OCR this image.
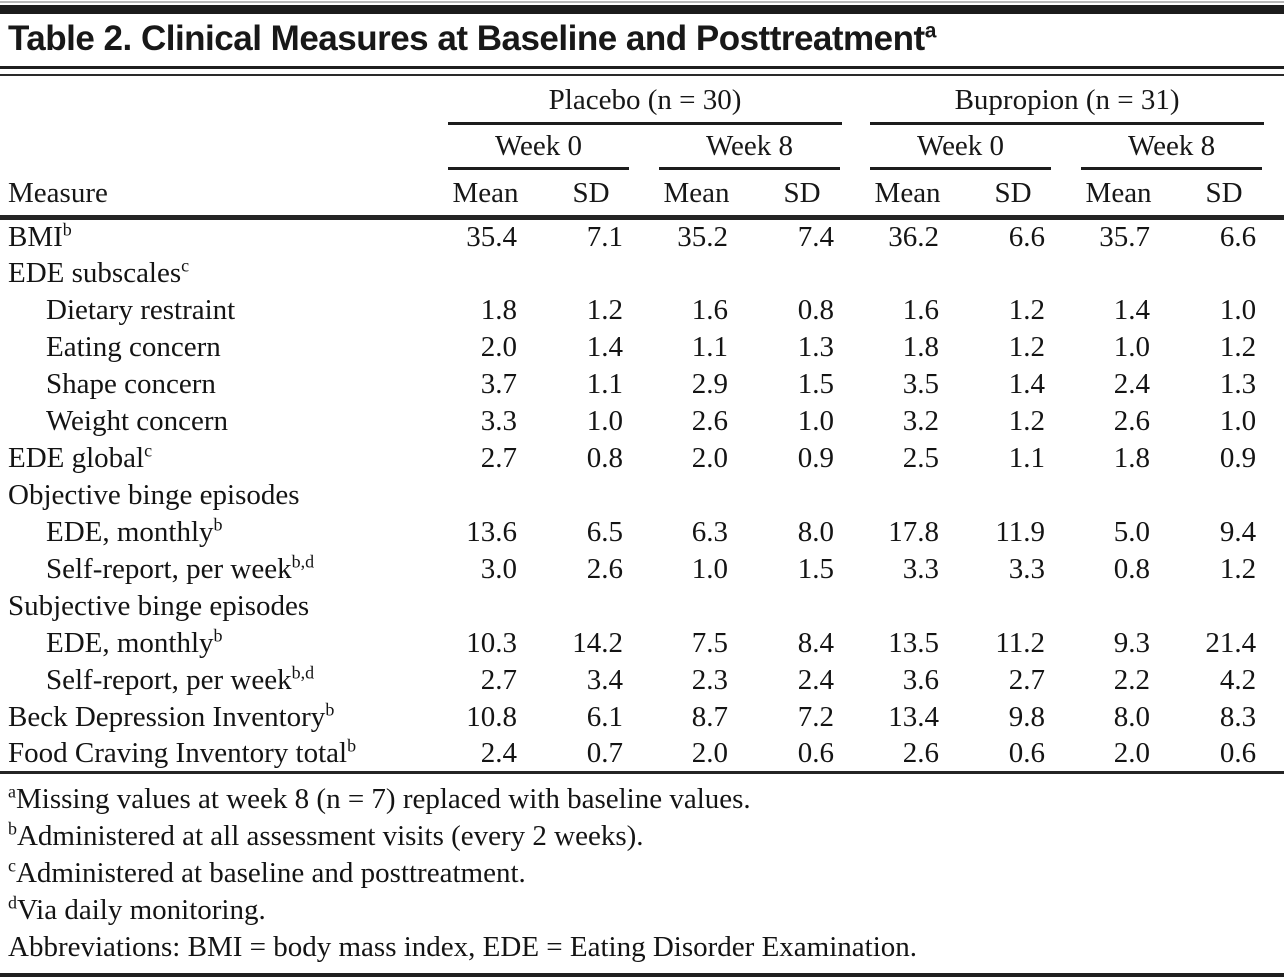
Table 2. Clinical Measures at Baseline and Posttreatment$^a$

	Placebo (n = 30)				Bupropion (n = 31)			

	Week 0		Week 8		Week 0		Week 8	

Measure	Mean	SD	Mean	SD	Mean	SD	Mean	SD
BMI$^b$	35.4	7.1	35.2	7.4	36.2	6.6	35.7	6.6
EDE subscales$^c$								
Dietary restraint	1.8	1.2	1.6	0.8	1.6	1.2	1.4	1.0
Eating concern	2.0	1.4	1.1	1.3	1.8	1.2	1.0	1.2
Shape concern	3.7	1.1	2.9	1.5	3.5	1.4	2.4	1.3
Weight concern	3.3	1.0	2.6	1.0	3.2	1.2	2.6	1.0
EDE global$^c$	2.7	0.8	2.0	0.9	2.5	1.1	1.8	0.9
Objective binge episodes								
EDE, monthly$^b$	13.6	6.5	6.3	8.0	17.8	11.9	5.0	9.4
Self-report, per week$^{b,d}$	3.0	2.6	1.0	1.5	3.3	3.3	0.8	1.2
Subjective binge episodes								
EDE, monthly$^b$	10.3	14.2	7.5	8.4	13.5	11.2	9.3	21.4
Self-report, per week$^{b,d}$	2.7	3.4	2.3	2.4	3.6	2.7	2.2	4.2
Beck Depression Inventory$^b$	10.8	6.1	8.7	7.2	13.4	9.8	8.0	8.3
Food Craving Inventory total$^b$	2.4	0.7	2.0	0.6	2.6	0.6	2.0	0.6
$^a$Missing values at week 8 (n = 7) replaced with baseline values.
$^b$Administered at all assessment visits (every 2 weeks).
$^c$Administered at baseline and posttreatment.
$^d$Via daily monitoring.
Abbreviations: BMI = body mass index, EDE = Eating Disorder Examination.
